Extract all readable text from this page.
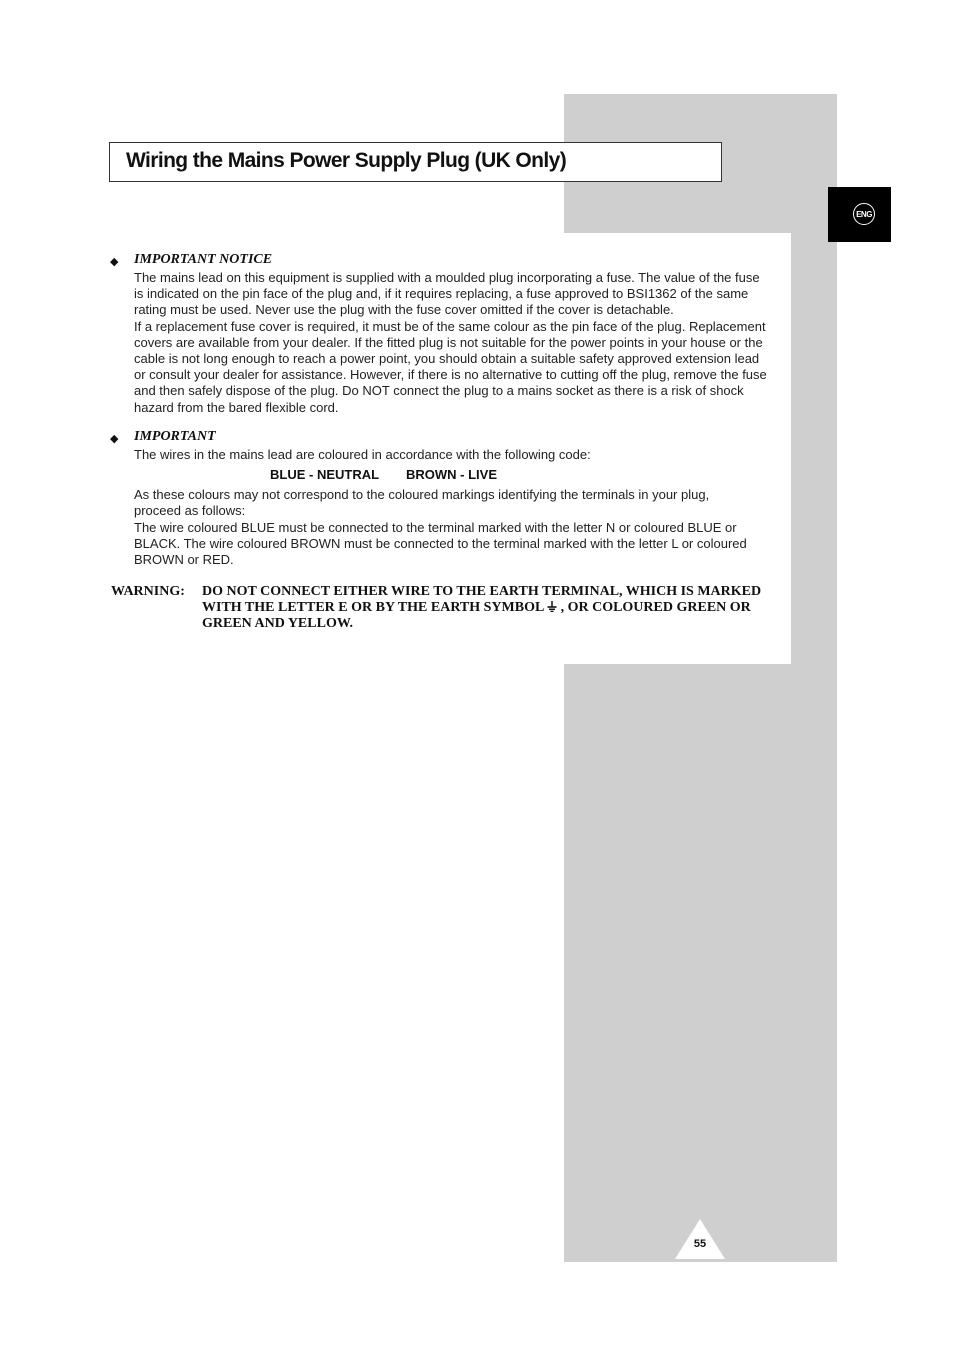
Wiring the Mains Power Supply Plug (UK Only)
ENG
◆ IMPORTANT NOTICE

The mains lead on this equipment is supplied with a moulded plug incorporating a fuse. The value of the fuse
is indicated on the pin face of the plug and, if it requires replacing, a fuse approved to BSI1362 of the same
rating must be used. Never use the plug with the fuse cover omitted if the cover is detachable.
If a replacement fuse cover is required, it must be of the same colour as the pin face of the plug. Replacement
covers are available from your dealer. If the fitted plug is not suitable for the power points in your house or the
cable is not long enough to reach a power point, you should obtain a suitable safety approved extension lead
or consult your dealer for assistance. However, if there is no alternative to cutting off the plug, remove the fuse
and then safely dispose of the plug. Do NOT connect the plug to a mains socket as there is a risk of shock
hazard from the bared flexible cord.

◆ IMPORTANT

The wires in the mains lead are coloured in accordance with the following code:

BLUE - NEUTRAL BROWN - LIVE

As these colours may not correspond to the coloured markings identifying the terminals in your plug,
proceed as follows:
The wire coloured BLUE must be connected to the terminal marked with the letter N or coloured BLUE or
BLACK. The wire coloured BROWN must be connected to the terminal marked with the letter L or coloured
BROWN or RED.

WARNING: DO NOT CONNECT EITHER WIRE TO THE EARTH TERMINAL, WHICH IS MARKED WITH THE LETTER E OR BY THE EARTH SYMBOL  , OR COLOURED GREEN OR GREEN AND YELLOW.

55
